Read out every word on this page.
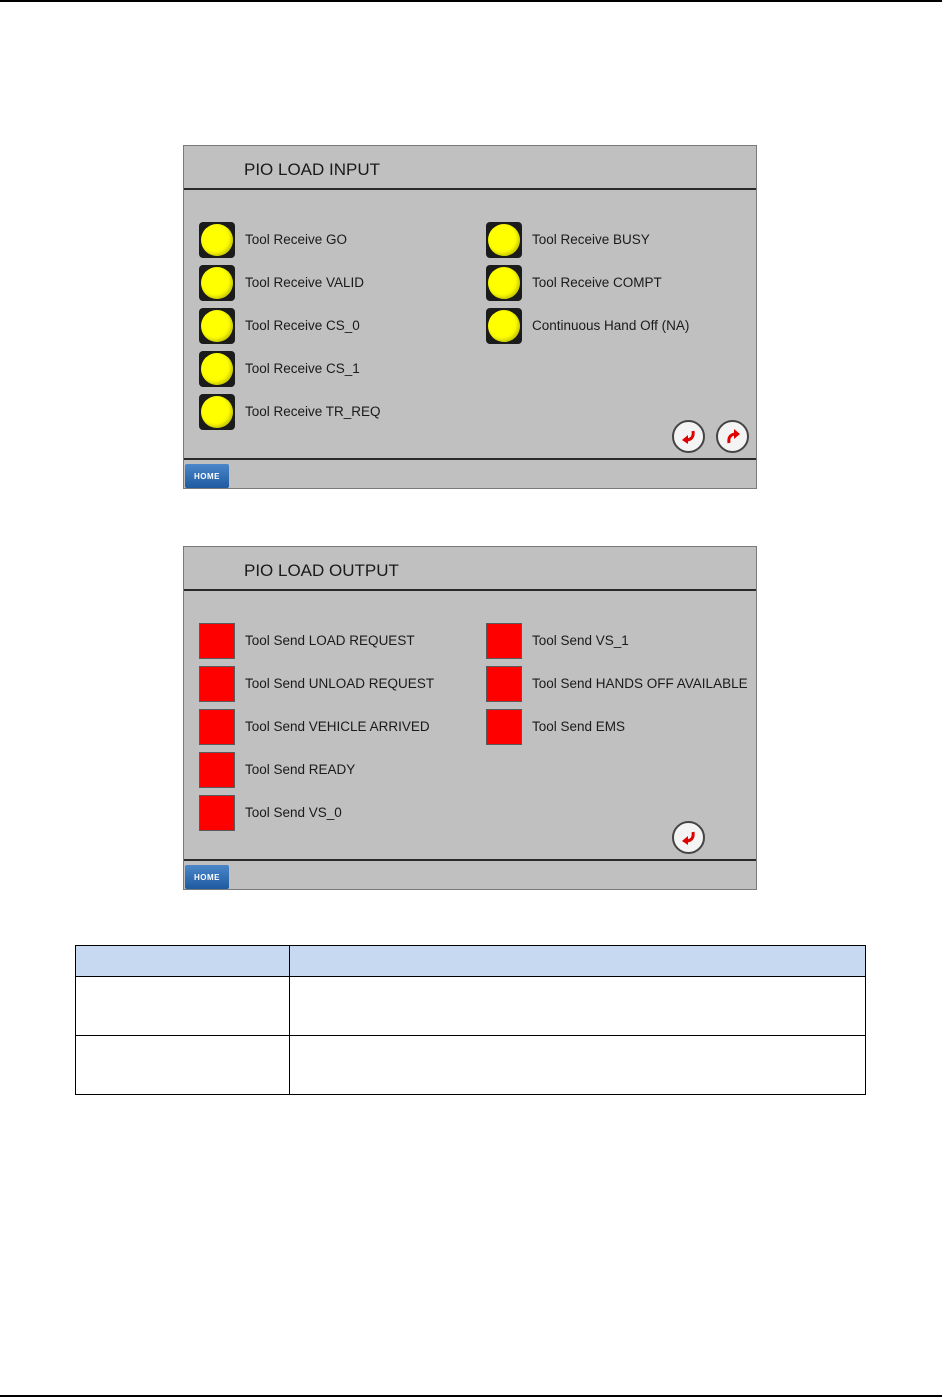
PIO LOAD INPUT
Tool Receive GO
Tool Receive VALID
Tool Receive CS_0
Tool Receive CS_1
Tool Receive TR_REQ
Tool Receive BUSY
Tool Receive COMPT
Continuous Hand Off (NA)
HOME
PIO LOAD OUTPUT
Tool Send LOAD REQUEST
Tool Send UNLOAD REQUEST
Tool Send VEHICLE ARRIVED
Tool Send READY
Tool Send VS_0
Tool Send VS_1
Tool Send HANDS OFF AVAILABLE
Tool Send EMS
HOME
